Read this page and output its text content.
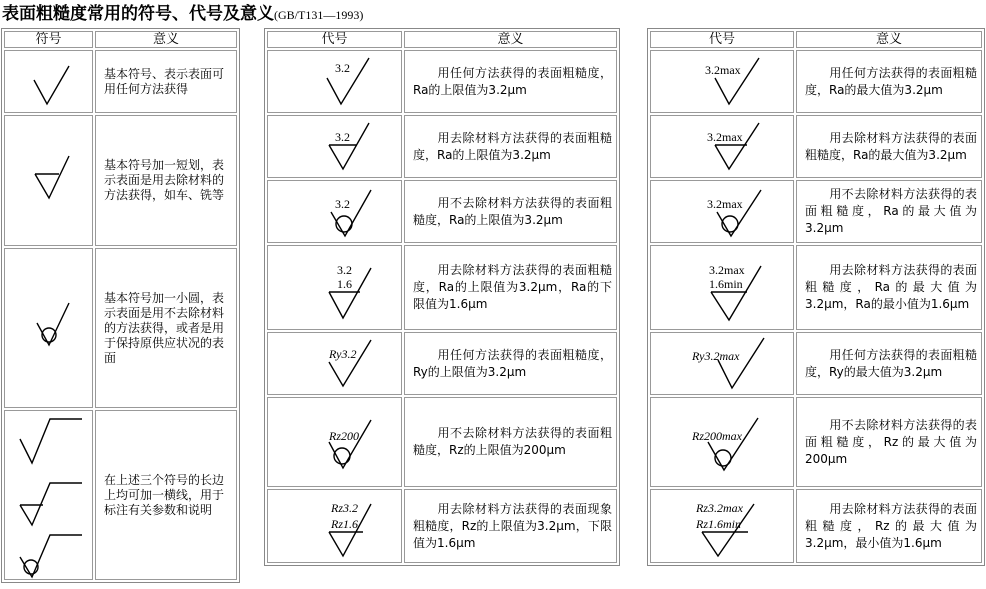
表面粗糙度常用的符号、代号及意义(GB/T131—1993)
符号	意义

	基本符号、表示表面可用任何方法获得

	基本符号加一短划，表示表面是用去除材料的方法获得，如车、铣等

	基本符号加一小圆，表示表面是用不去除材料的方法获得，或者是用于保持原供应状况的表面

	在上述三个符号的长边上均可加一横线，用于标注有关参数和说明
代号	意义

3.2	用任何方法获得的表面粗糙度，Ra的上限值为3.2μm

3.2	用去除材料方法获得的表面粗糙度，Ra的上限值为3.2μm

3.2	用不去除材料方法获得的表面粗糙度，Ra的上限值为3.2μm

3.2
1.6	用去除材料方法获得的表面粗糙度，Ra的上限值为3.2μm，Ra的下限值为1.6μm

Ry3.2	用任何方法获得的表面粗糙度，Ry的上限值为3.2μm

Rz200	用不去除材料方法获得的表面粗糙度，Rz的上限值为200μm

Rz3.2
Rz1.6	用去除材料方法获得的表面现象粗糙度，Rz的上限值为3.2μm，下限值为1.6μm
代号	意义

3.2max	用任何方法获得的表面粗糙度，Ra的最大值为3.2μm

3.2max	用去除材料方法获得的表面粗糙度，Ra的最大值为3.2μm

3.2max	用不去除材料方法获得的表面粗糙度，Ra的最大值为3.2μm

3.2max
1.6min	用去除材料方法获得的表面粗糙度，Ra的最大值为3.2μm，Ra的最小值为1.6μm

Ry3.2max	用任何方法获得的表面粗糙度，Ry的最大值为3.2μm

Rz200max	用不去除材料方法获得的表面粗糙度，Rz的最大值为200μm

Rz3.2max
Rz1.6min	用去除材料方法获得的表面粗糙度，Rz的最大值为3.2μm，最小值为1.6μm
